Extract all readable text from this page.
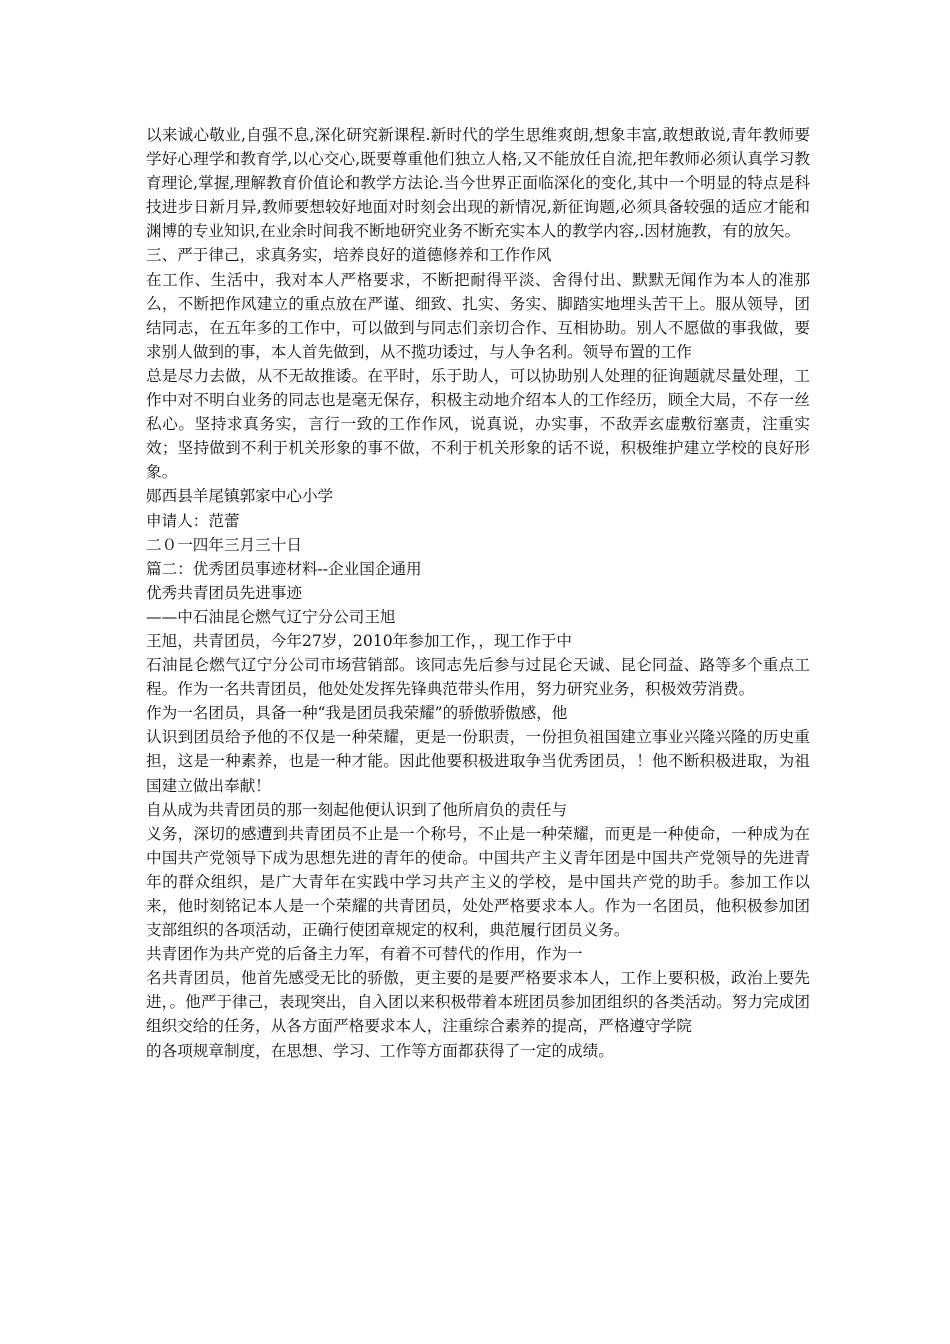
以来诚心敬业,自强不息,深化研究新课程.新时代的学生思维爽朗,想象丰富,敢想敢说,青年教师要学好心理学和教育学,以心交心,既要尊重他们独立人格,又不能放任自流,把年教师必须认真学习教育理论,掌握,理解教育价值论和教学方法论.当今世界正面临深化的变化,其中一个明显的特点是科技进步日新月异,教师要想较好地面对时刻会出现的新情况,新征询题,必须具备较强的适应才能和渊博的专业知识,在业余时间我不断地研究业务不断充实本人的教学内容,.因材施教，有的放矢。

三、严于律己，求真务实，培养良好的道德修养和工作作风

在工作、生活中，我对本人严格要求，不断把耐得平淡、舍得付出、默默无闻作为本人的准那么，不断把作风建立的重点放在严谨、细致、扎实、务实、脚踏实地埋头苦干上。服从领导，团结同志，在五年多的工作中，可以做到与同志们亲切合作、互相协助。别人不愿做的事我做，要求别人做到的事，本人首先做到，从不揽功诿过，与人争名利。领导布置的工作

总是尽力去做，从不无故推诿。在平时，乐于助人，可以协助别人处理的征询题就尽量处理，工作中对不明白业务的同志也是毫无保存，积极主动地介绍本人的工作经历，顾全大局，不存一丝私心。坚持求真务实，言行一致的工作作风，说真说，办实事，不敌弄玄虚敷衍塞责，注重实效；坚持做到不利于机关形象的事不做，不利于机关形象的话不说，积极维护建立学校的良好形象。

郧西县羊尾镇郭家中心小学

申请人：范蕾

二０一四年三月三十日

篇二：优秀团员事迹材料--企业国企通用

优秀共青团员先进事迹

——中石油昆仑燃气辽宁分公司王旭

王旭，共青团员，今年27岁，2010年参加工作，，现工作于中

石油昆仑燃气辽宁分公司市场营销部。该同志先后参与过昆仑天诚、昆仑同益、路等多个重点工程。作为一名共青团员，他处处发挥先锋典范带头作用，努力研究业务，积极效劳消费。

作为一名团员，具备一种“我是团员我荣耀”的骄傲骄傲感，他

认识到团员给予他的不仅是一种荣耀，更是一份职责，一份担负祖国建立事业兴隆兴隆的历史重担，这是一种素养，也是一种才能。因此他要积极进取争当优秀团员，！他不断积极进取，为祖国建立做出奉献！

自从成为共青团员的那一刻起他便认识到了他所肩负的责任与

义务，深切的感遭到共青团员不止是一个称号，不止是一种荣耀，而更是一种使命，一种成为在中国共产党领导下成为思想先进的青年的使命。中国共产主义青年团是中国共产党领导的先进青年的群众组织，是广大青年在实践中学习共产主义的学校，是中国共产党的助手。参加工作以来，他时刻铭记本人是一个荣耀的共青团员，处处严格要求本人。作为一名团员，他积极参加团支部组织的各项活动，正确行使团章规定的权利，典范履行团员义务。

共青团作为共产党的后备主力军，有着不可替代的作用，作为一

名共青团员，他首先感受无比的骄傲，更主要的是要严格要求本人，工作上要积极，政治上要先进，。他严于律己，表现突出，自入团以来积极带着本班团员参加团组织的各类活动。努力完成团组织交给的任务，从各方面严格要求本人，注重综合素养的提高，严格遵守学院

的各项规章制度，在思想、学习、工作等方面都获得了一定的成绩。
